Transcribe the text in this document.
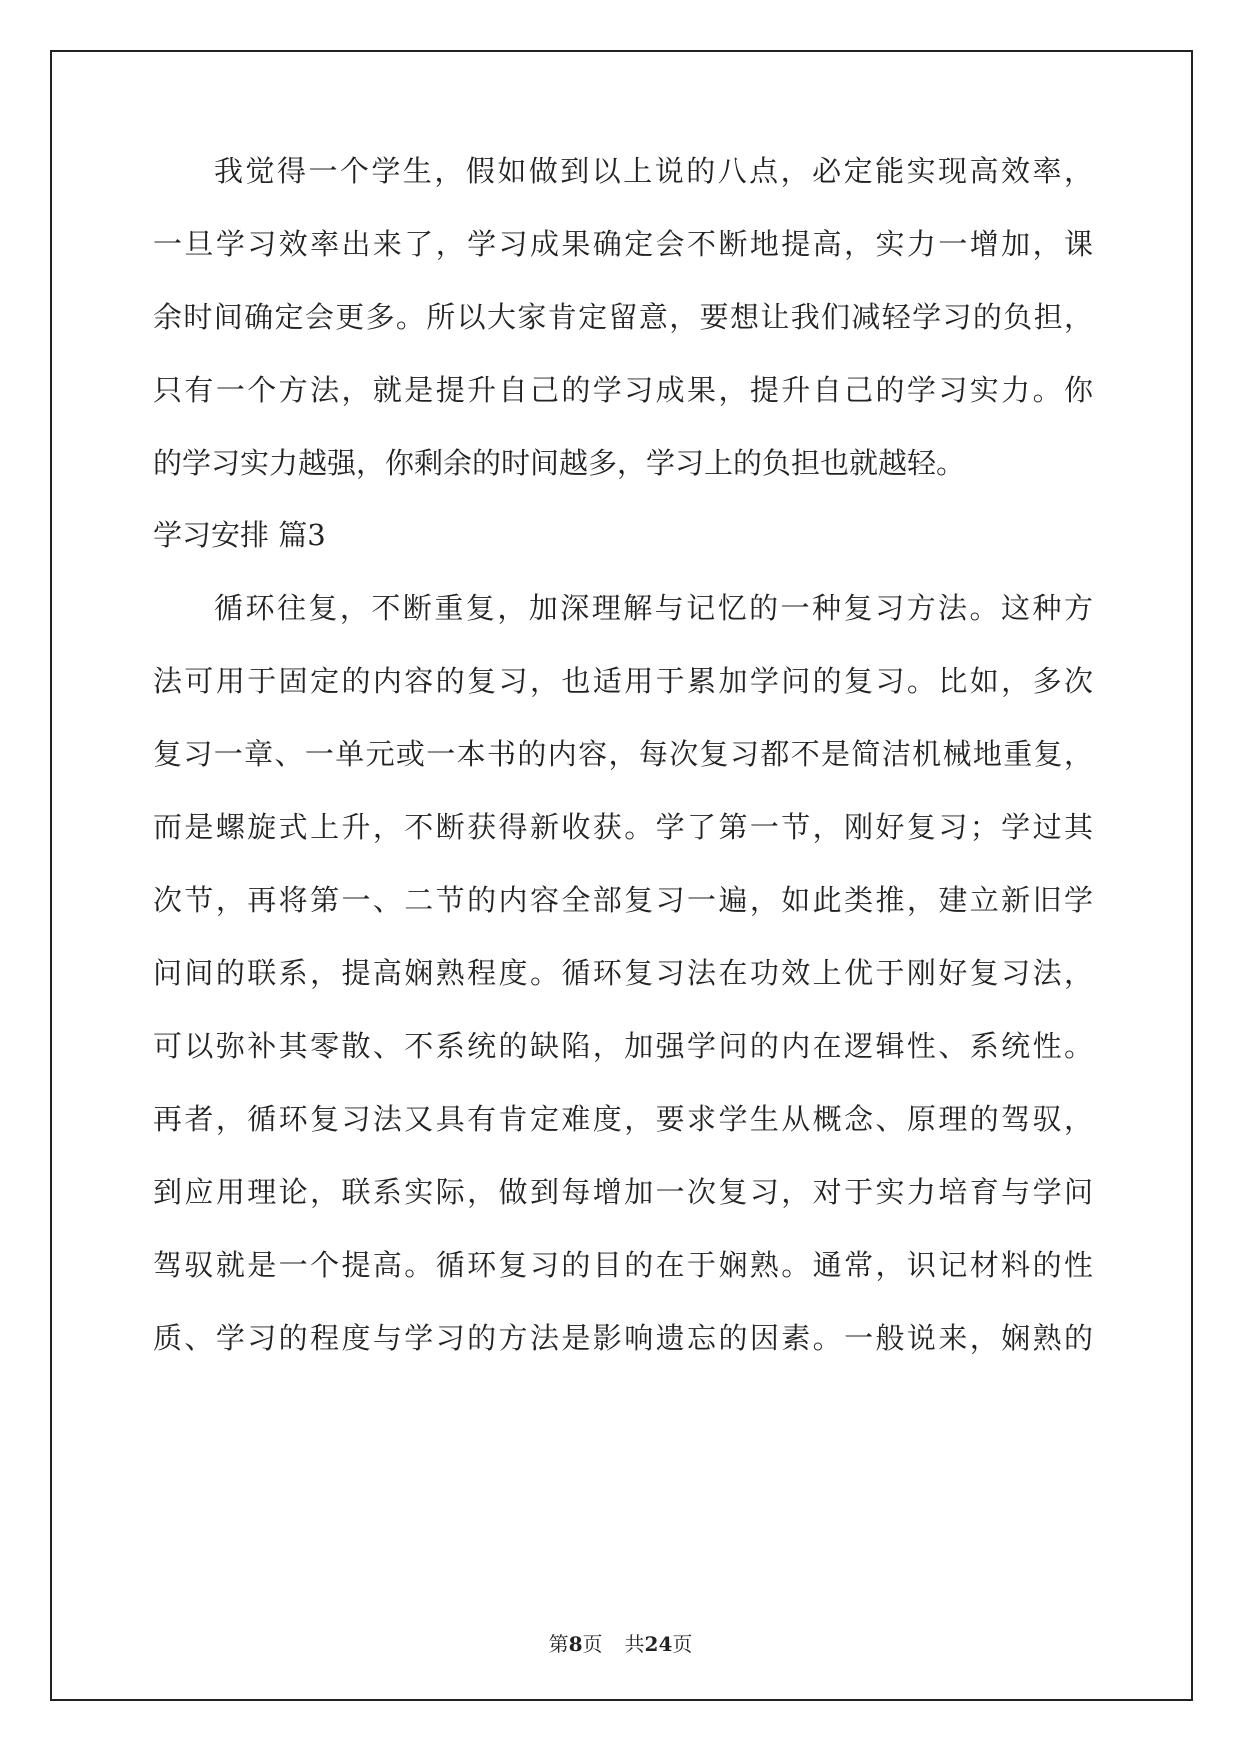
我觉得一个学生，假如做到以上说的八点，必定能实现高效率，
一旦学习效率出来了，学习成果确定会不断地提高，实力一增加，课
余时间确定会更多。所以大家肯定留意，要想让我们减轻学习的负担，
只有一个方法，就是提升自己的学习成果，提升自己的学习实力。你
的学习实力越强，你剩余的时间越多，学习上的负担也就越轻。
学习安排 篇3
循环往复，不断重复，加深理解与记忆的一种复习方法。这种方
法可用于固定的内容的复习，也适用于累加学问的复习。比如，多次
复习一章、一单元或一本书的内容，每次复习都不是简洁机械地重复，
而是螺旋式上升，不断获得新收获。学了第一节，刚好复习；学过其
次节，再将第一、二节的内容全部复习一遍，如此类推，建立新旧学
问间的联系，提高娴熟程度。循环复习法在功效上优于刚好复习法，
可以弥补其零散、不系统的缺陷，加强学问的内在逻辑性、系统性。
再者，循环复习法又具有肯定难度，要求学生从概念、原理的驾驭，
到应用理论，联系实际，做到每增加一次复习，对于实力培育与学问
驾驭就是一个提高。循环复习的目的在于娴熟。通常，识记材料的性
质、学习的程度与学习的方法是影响遗忘的因素。一般说来，娴熟的
第8页 共24页
